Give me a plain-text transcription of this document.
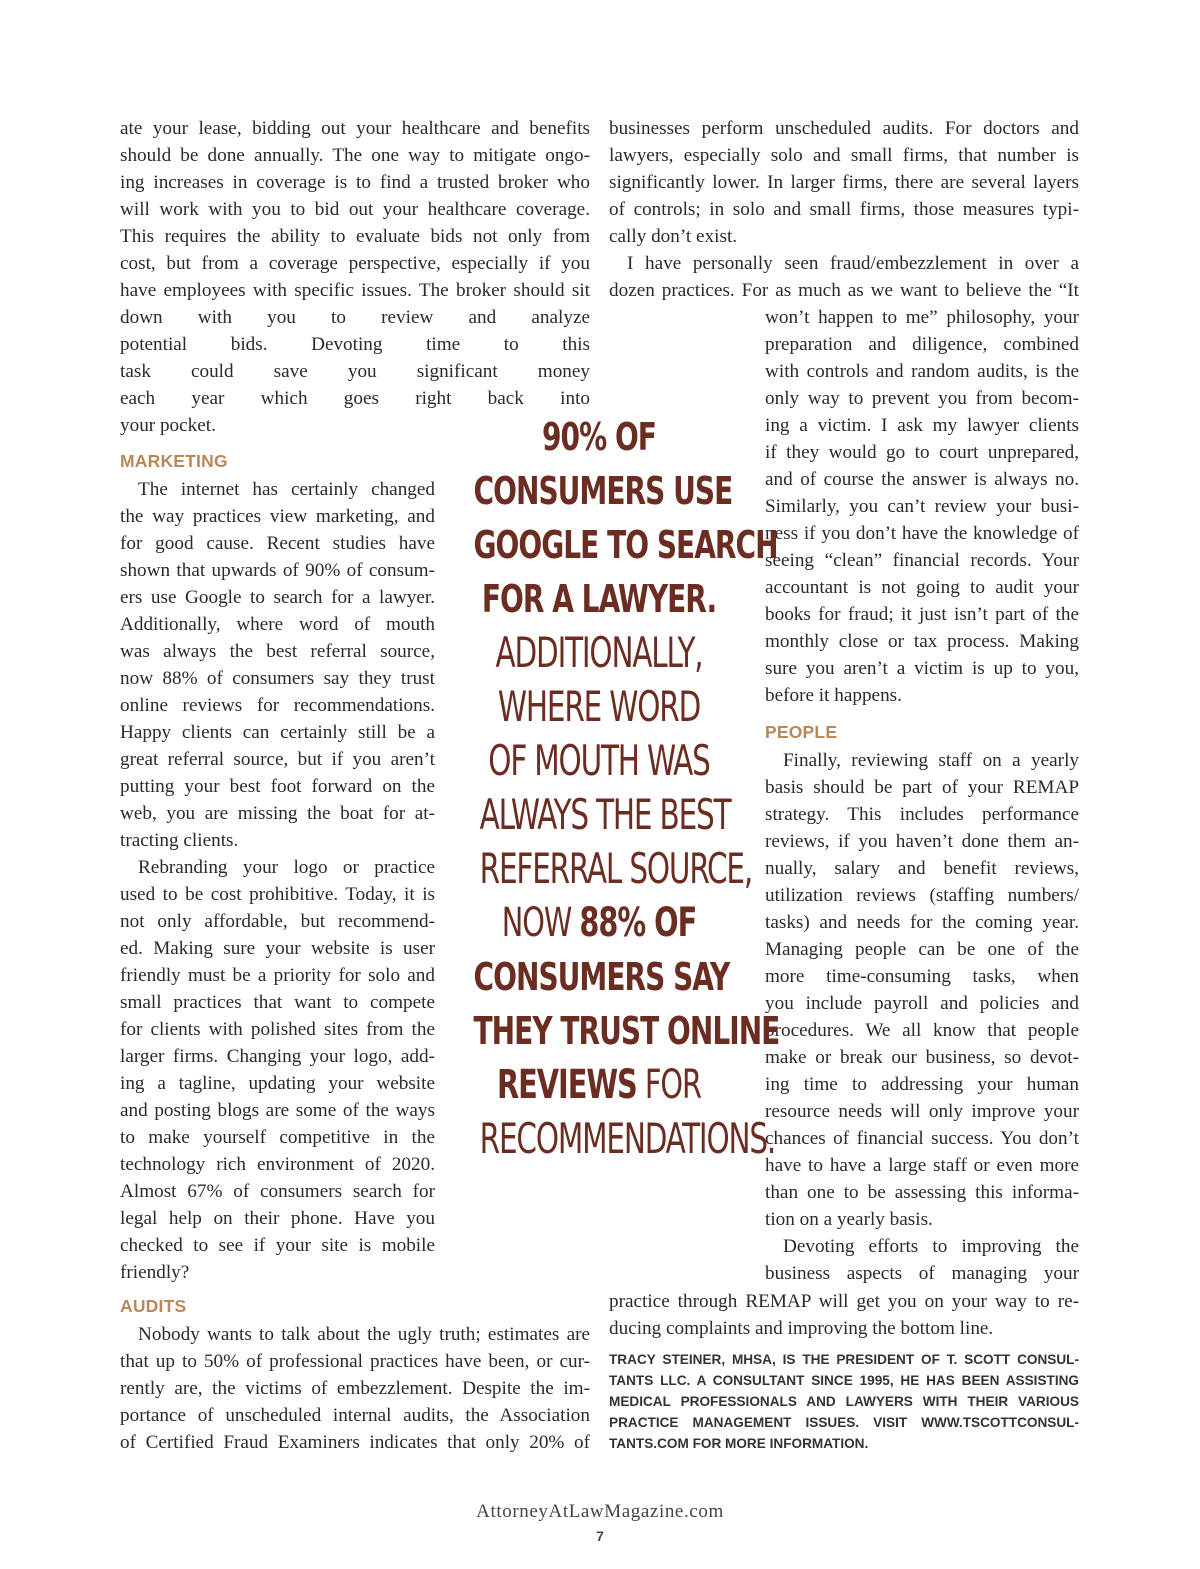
ate your lease, bidding out your healthcare and benefits
should be done annually. The one way to mitigate ongo-
ing increases in coverage is to find a trusted broker who
will work with you to bid out your healthcare coverage.
This requires the ability to evaluate bids not only from
cost, but from a coverage perspective, especially if you
have employees with specific issues. The broker should sit
down with you to review and analyze
potential bids. Devoting time to this
task could save you significant money
each year which goes right back into
your pocket.

MARKETING

The internet has certainly changed
the way practices view marketing, and
for good cause. Recent studies have
shown that upwards of 90% of consum-
ers use Google to search for a lawyer.
Additionally, where word of mouth
was always the best referral source,
now 88% of consumers say they trust
online reviews for recommendations.
Happy clients can certainly still be a
great referral source, but if you aren’t
putting your best foot forward on the
web, you are missing the boat for at-
tracting clients.

Rebranding your logo or practice
used to be cost prohibitive. Today, it is
not only affordable, but recommend-
ed. Making sure your website is user
friendly must be a priority for solo and
small practices that want to compete
for clients with polished sites from the
larger firms. Changing your logo, add-
ing a tagline, updating your website
and posting blogs are some of the ways
to make yourself competitive in the
technology rich environment of 2020.
Almost 67% of consumers search for
legal help on their phone. Have you
checked to see if your site is mobile
friendly?

AUDITS

Nobody wants to talk about the ugly truth; estimates are
that up to 50% of professional practices have been, or cur-
rently are, the victims of embezzlement. Despite the im-
portance of unscheduled internal audits, the Association
of Certified Fraud Examiners indicates that only 20% of

businesses perform unscheduled audits. For doctors and
lawyers, especially solo and small firms, that number is
significantly lower. In larger firms, there are several layers
of controls; in solo and small firms, those measures typi-
cally don’t exist.

I have personally seen fraud/embezzlement in over a
dozen practices. For as much as we want to believe the “It

won’t happen to me” philosophy, your
preparation and diligence, combined
with controls and random audits, is the
only way to prevent you from becom-
ing a victim. I ask my lawyer clients
if they would go to court unprepared,
and of course the answer is always no.
Similarly, you can’t review your busi-
ness if you don’t have the knowledge of
seeing “clean” financial records. Your
accountant is not going to audit your
books for fraud; it just isn’t part of the
monthly close or tax process. Making
sure you aren’t a victim is up to you,
before it happens.

PEOPLE

Finally, reviewing staff on a yearly
basis should be part of your REMAP
strategy. This includes performance
reviews, if you haven’t done them an-
nually, salary and benefit reviews,
utilization reviews (staffing numbers/
tasks) and needs for the coming year.
Managing people can be one of the
more time-consuming tasks, when
you include payroll and policies and
procedures. We all know that people
make or break our business, so devot-
ing time to addressing your human
resource needs will only improve your
chances of financial success. You don’t
have to have a large staff or even more
than one to be assessing this informa-
tion on a yearly basis.

Devoting efforts to improving the
business aspects of managing your

practice through REMAP will get you on your way to re-
ducing complaints and improving the bottom line.

TRACY STEINER, MHSA, IS THE PRESIDENT OF T. SCOTT CONSUL-
TANTS LLC. A CONSULTANT SINCE 1995, HE HAS BEEN ASSISTING
MEDICAL PROFESSIONALS AND LAWYERS WITH THEIR VARIOUS
PRACTICE MANAGEMENT ISSUES. VISIT WWW.TSCOTTCONSUL-
TANTS.COM FOR MORE INFORMATION.
90% OF
CONSUMERS USE
GOOGLE TO SEARCH
FOR A LAWYER.
ADDITIONALLY,
WHERE WORD
OF MOUTH WAS
ALWAYS THE BEST
REFERRAL SOURCE,
NOW 88% OF
CONSUMERS SAY
THEY TRUST ONLINE
REVIEWS FOR
RECOMMENDATIONS.
AttorneyAtLawMagazine.com
7
